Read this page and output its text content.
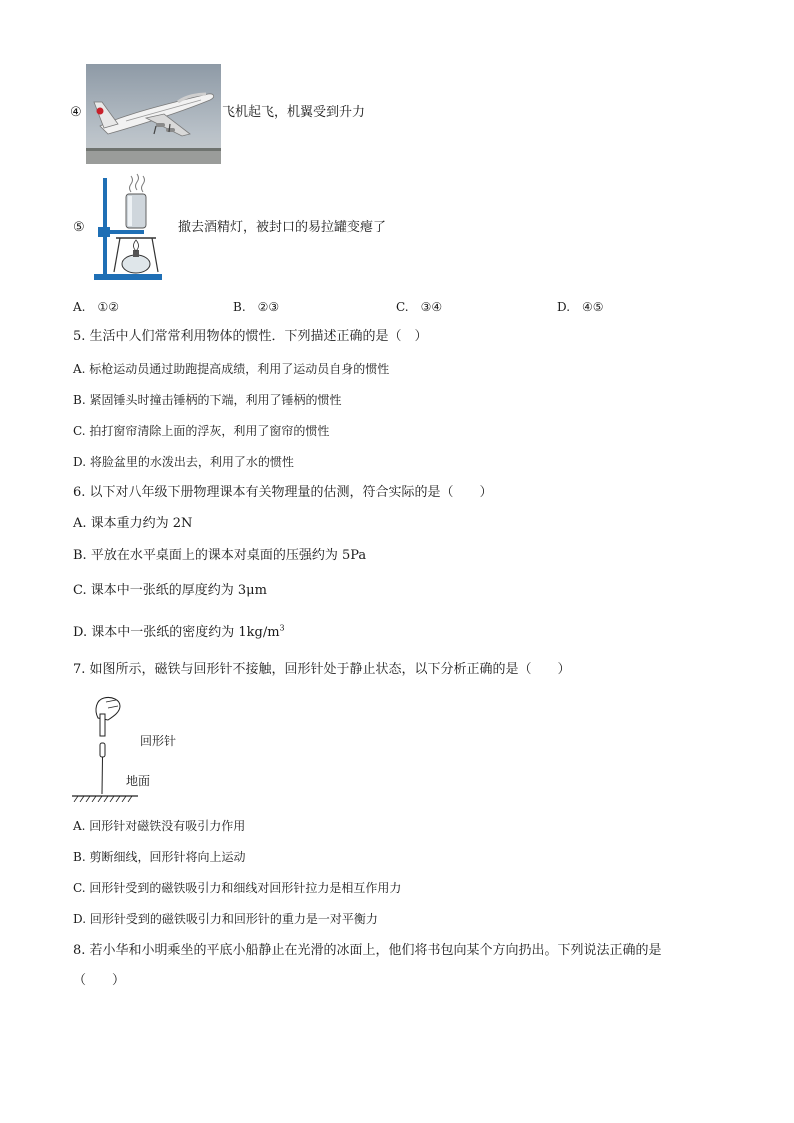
④	飞机起飞，机翼受到升力
⑤	撤去酒精灯，被封口的易拉罐变瘪了
A.  ①②	B.  ②③	C.  ③④	D.  ④⑤
5. 生活中人们常常利用物体的惯性．下列描述正确的是（　）
A. 标枪运动员通过助跑提高成绩，利用了运动员自身的惯性
B. 紧固锤头时撞击锤柄的下端，利用了锤柄的惯性
C. 拍打窗帘清除上面的浮灰，利用了窗帘的惯性
D. 将脸盆里的水泼出去，利用了水的惯性
6. 以下对八年级下册物理课本有关物理量的估测，符合实际的是（　　）
A. 课本重力约为 2N
B. 平放在水平桌面上的课本对桌面的压强约为 5Pa
C. 课本中一张纸的厚度约为 3μm
D. 课本中一张纸的密度约为 $1kg/m^3$
7. 如图所示，磁铁与回形针不接触，回形针处于静止状态，以下分析正确的是（　　）
回形针
地面
A. 回形针对磁铁没有吸引力作用
B. 剪断细线，回形针将向上运动
C. 回形针受到的磁铁吸引力和细线对回形针拉力是相互作用力
D. 回形针受到的磁铁吸引力和回形针的重力是一对平衡力
8. 若小华和小明乘坐的平底小船静止在光滑的冰面上，他们将书包向某个方向扔出。下列说法正确的是
（　　）
